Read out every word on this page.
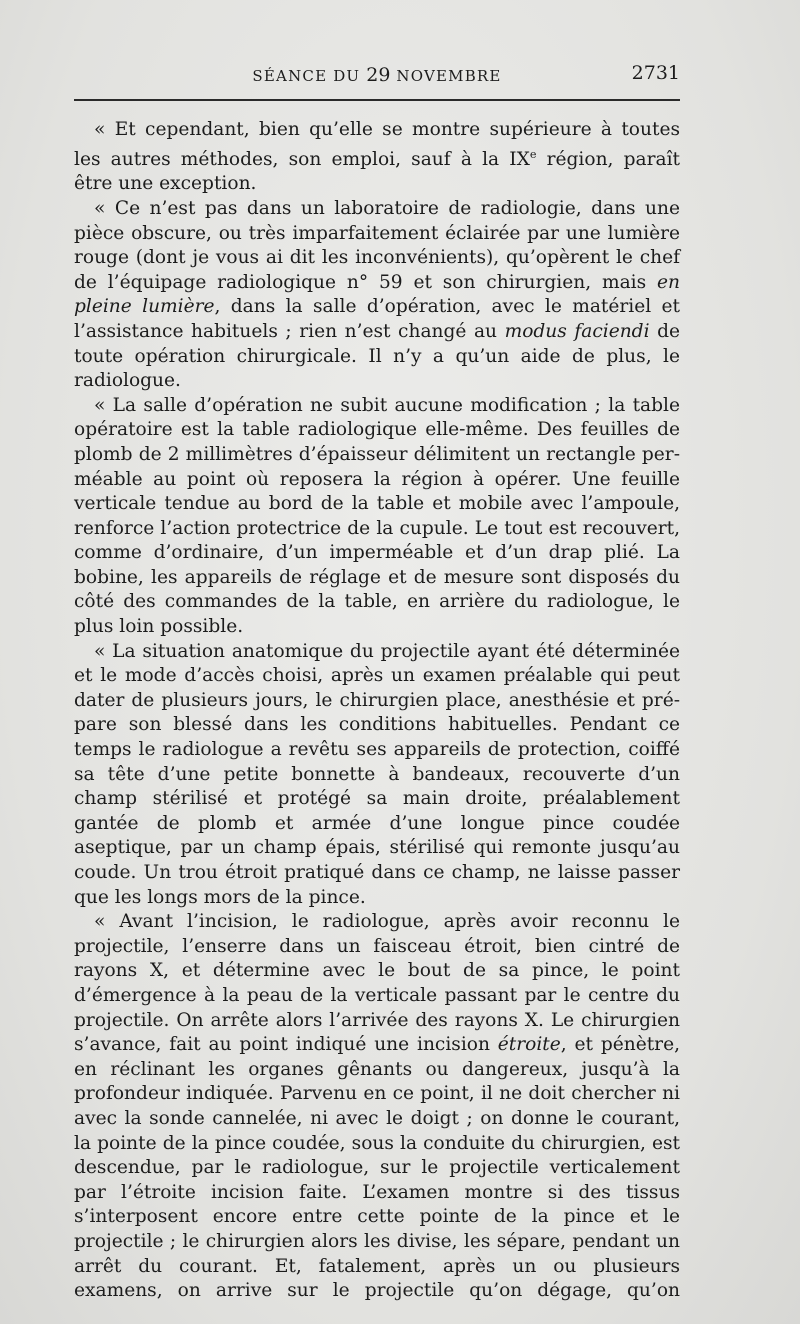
SÉANCE DU 29 NOVEMBRE	2731

« Et cependant, bien qu’elle se montre supérieure à toutes les autres méthodes, son emploi, sauf à la IXe région, paraît être une exception.

« Ce n’est pas dans un laboratoire de radiologie, dans une pièce obscure, ou très imparfaitement éclairée par une lumière rouge (dont je vous ai dit les inconvénients), qu’opèrent le chef de l’équipage radiologique n° 59 et son chirurgien, mais en pleine lumière, dans la salle d’opération, avec le matériel et l’assistance habituels ; rien n’est changé au modus faciendi de toute opération chirurgicale. Il n’y a qu’un aide de plus, le radiologue.

« La salle d’opération ne subit aucune modification ; la table opératoire est la table radiologique elle-même. Des feuilles de plomb de 2 millimètres d’épaisseur délimitent un rectangle perméable au point où reposera la région à opérer. Une feuille verticale tendue au bord de la table et mobile avec l’ampoule, renforce l’action protectrice de la cupule. Le tout est recouvert, comme d’ordinaire, d’un imperméable et d’un drap plié. La bobine, les appareils de réglage et de mesure sont disposés du côté des commandes de la table, en arrière du radiologue, le plus loin possible.

« La situation anatomique du projectile ayant été déterminée et le mode d’accès choisi, après un examen préalable qui peut dater de plusieurs jours, le chirurgien place, anesthésie et prépare son blessé dans les conditions habituelles. Pendant ce temps le radiologue a revêtu ses appareils de protection, coiffé sa tête d’une petite bonnette à bandeaux, recouverte d’un champ stérilisé et protégé sa main droite, préalablement gantée de plomb et armée d’une longue pince coudée aseptique, par un champ épais, stérilisé qui remonte jusqu’au coude. Un trou étroit pratiqué dans ce champ, ne laisse passer que les longs mors de la pince.

« Avant l’incision, le radiologue, après avoir reconnu le projectile, l’enserre dans un faisceau étroit, bien cintré de rayons X, et détermine avec le bout de sa pince, le point d’émergence à la peau de la verticale passant par le centre du projectile. On arrête alors l’arrivée des rayons X. Le chirurgien s’avance, fait au point indiqué une incision étroite, et pénètre, en réclinant les organes gênants ou dangereux, jusqu’à la profondeur indiquée. Parvenu en ce point, il ne doit chercher ni avec la sonde cannelée, ni avec le doigt ; on donne le courant, la pointe de la pince coudée, sous la conduite du chirurgien, est descendue, par le radiologue, sur le projectile verticalement par l’étroite incision faite. L’examen montre si des tissus s’interposent encore entre cette pointe de la pince et le projectile ; le chirurgien alors les divise, les sépare, pendant un arrêt du courant. Et, fatalement, après un ou plusieurs examens, on arrive sur le projectile qu’on dégage, qu’on
